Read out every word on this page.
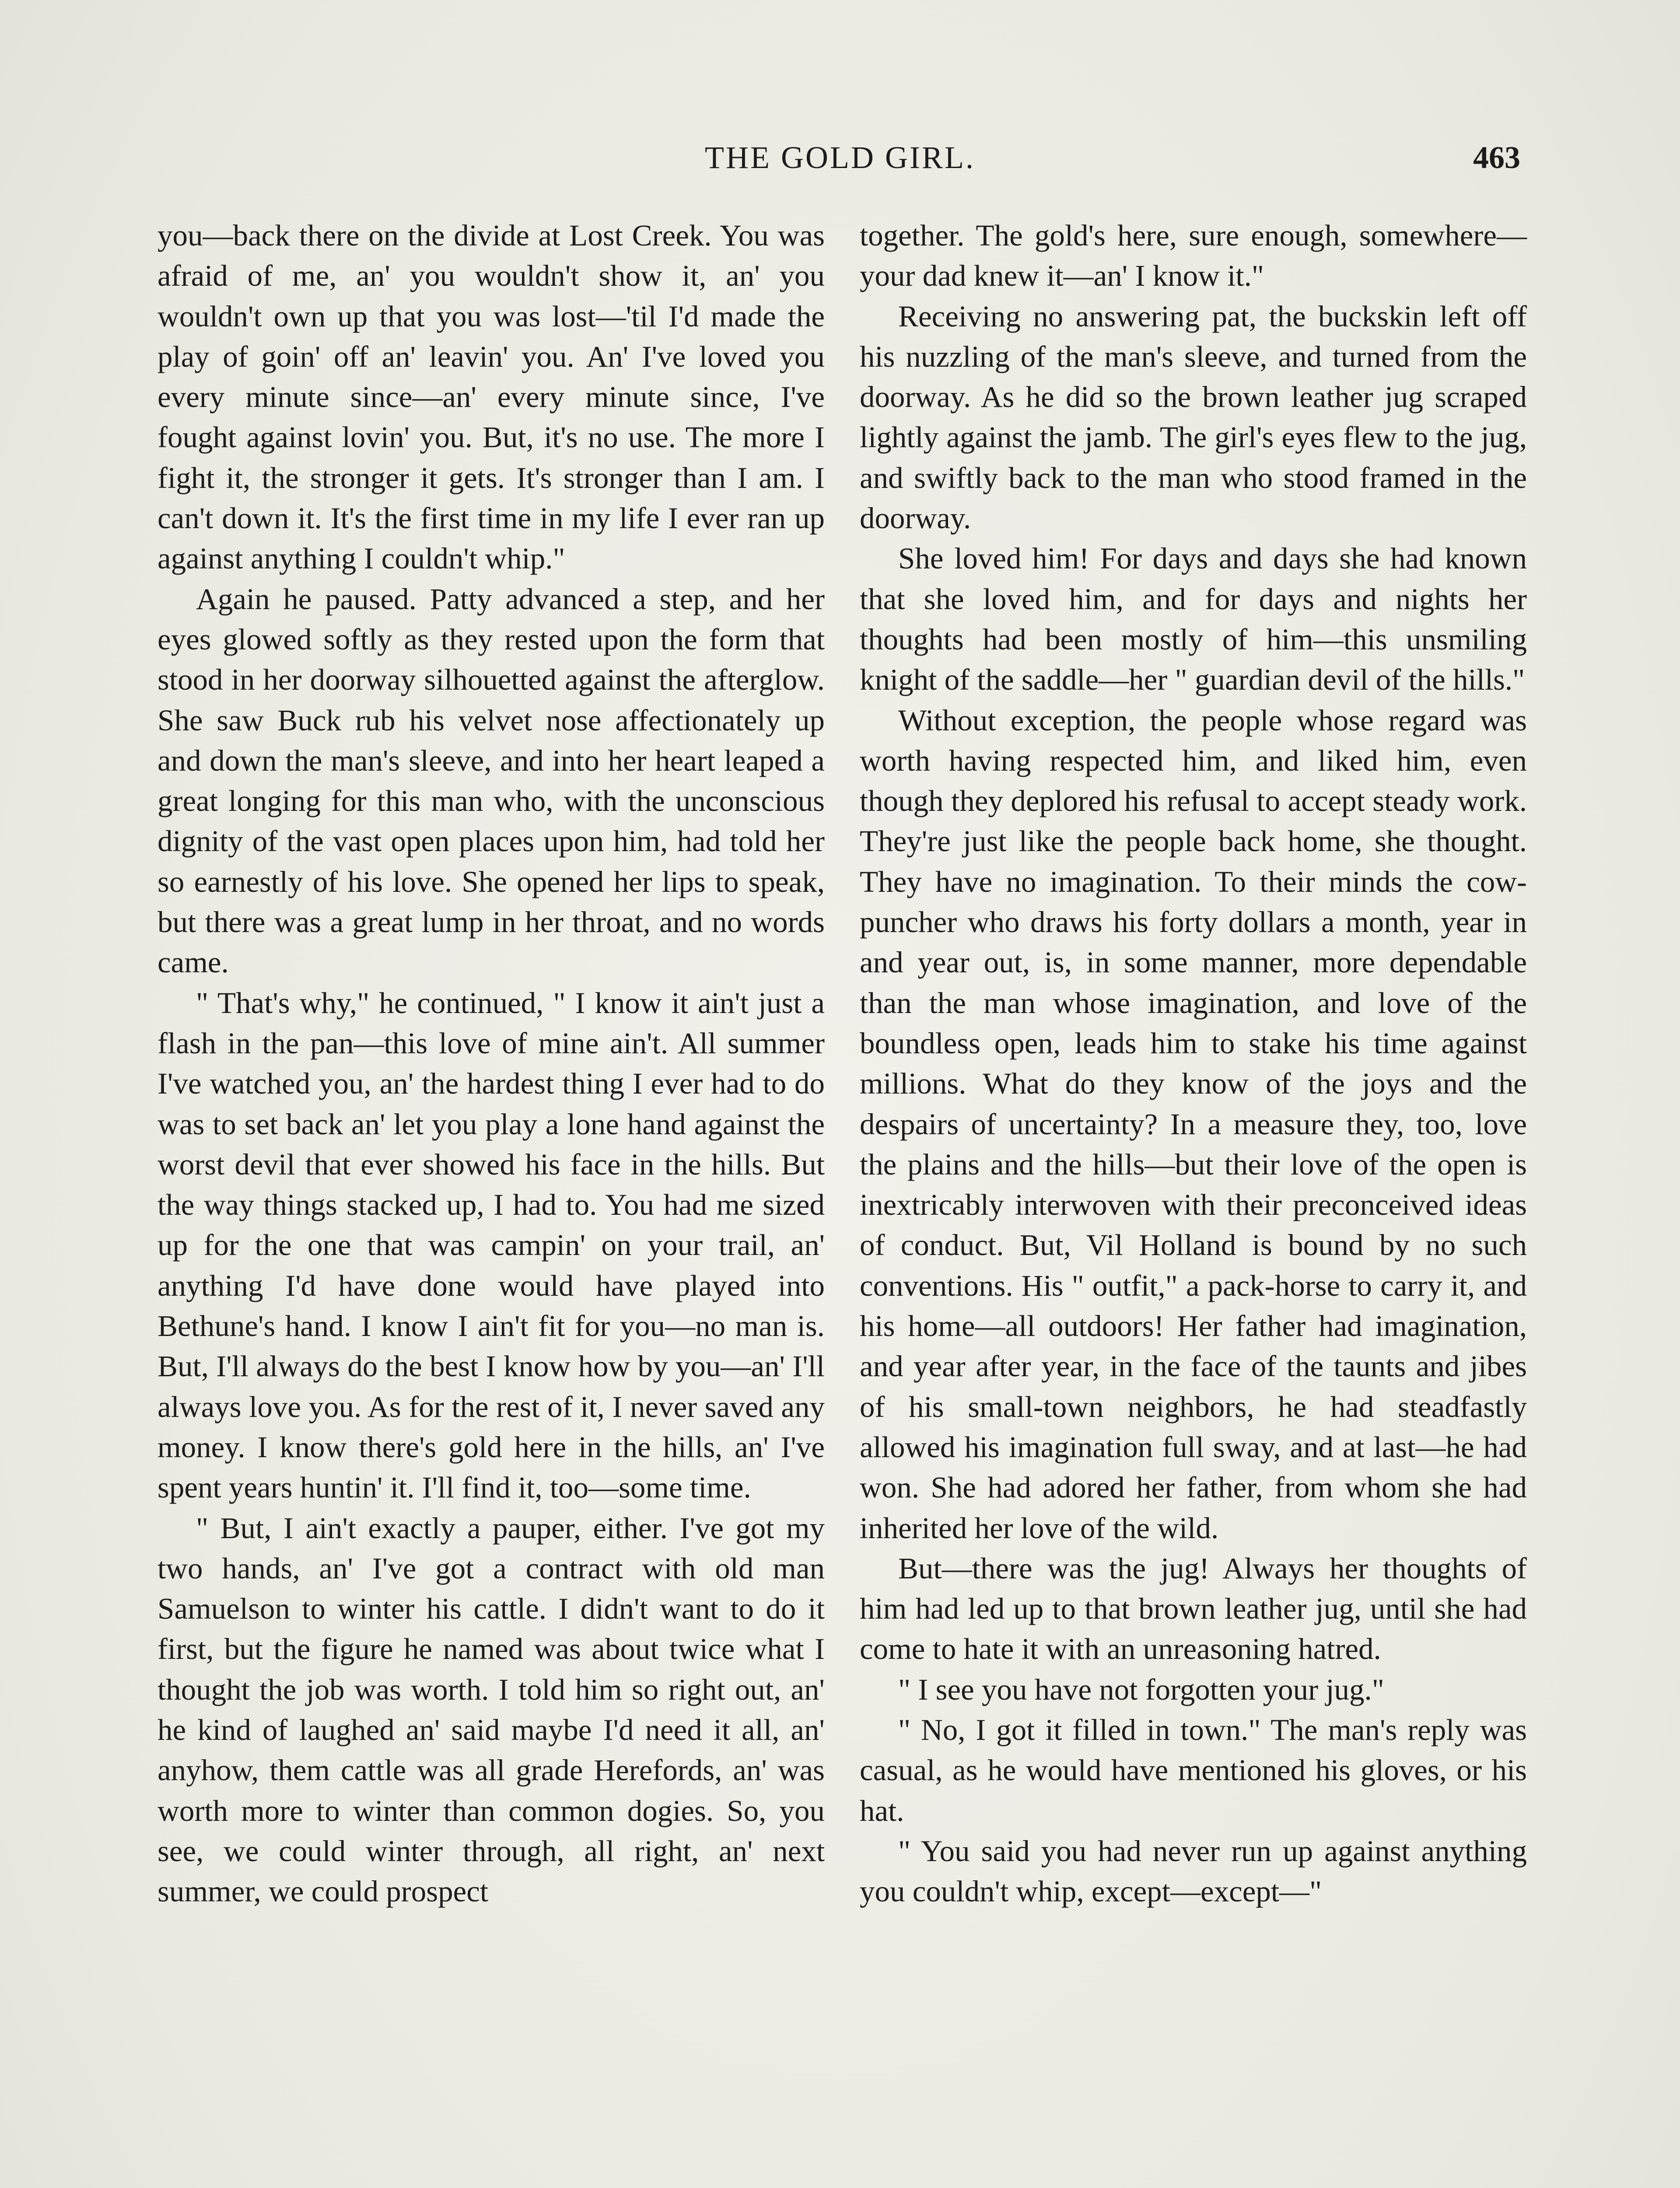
THE GOLD GIRL.	463

you—back there on the divide at Lost Creek. You was afraid of me, an' you wouldn't show it, an' you wouldn't own up that you was lost—'til I'd made the play of goin' off an' leavin' you. An' I've loved you every minute since—an' every minute since, I've fought against lovin' you. But, it's no use. The more I fight it, the stronger it gets. It's stronger than I am. I can't down it. It's the first time in my life I ever ran up against anything I couldn't whip."

Again he paused. Patty advanced a step, and her eyes glowed softly as they rested upon the form that stood in her doorway silhouetted against the afterglow. She saw Buck rub his velvet nose affectionately up and down the man's sleeve, and into her heart leaped a great longing for this man who, with the unconscious dignity of the vast open places upon him, had told her so earnestly of his love. She opened her lips to speak, but there was a great lump in her throat, and no words came.

" That's why," he continued, " I know it ain't just a flash in the pan—this love of mine ain't. All summer I've watched you, an' the hardest thing I ever had to do was to set back an' let you play a lone hand against the worst devil that ever showed his face in the hills. But the way things stacked up, I had to. You had me sized up for the one that was campin' on your trail, an' anything I'd have done would have played into Bethune's hand. I know I ain't fit for you—no man is. But, I'll always do the best I know how by you—an' I'll always love you. As for the rest of it, I never saved any money. I know there's gold here in the hills, an' I've spent years huntin' it. I'll find it, too—some time.

" But, I ain't exactly a pauper, either. I've got my two hands, an' I've got a contract with old man Samuelson to winter his cattle. I didn't want to do it first, but the figure he named was about twice what I thought the job was worth. I told him so right out, an' he kind of laughed an' said maybe I'd need it all, an' anyhow, them cattle was all grade Herefords, an' was worth more to winter than common dogies. So, you see, we could winter through, all right, an' next summer, we could prospect

together. The gold's here, sure enough, somewhere—your dad knew it—an' I know it."

Receiving no answering pat, the buckskin left off his nuzzling of the man's sleeve, and turned from the doorway. As he did so the brown leather jug scraped lightly against the jamb. The girl's eyes flew to the jug, and swiftly back to the man who stood framed in the doorway.

She loved him! For days and days she had known that she loved him, and for days and nights her thoughts had been mostly of him—this unsmiling knight of the saddle—her " guardian devil of the hills."

Without exception, the people whose regard was worth having respected him, and liked him, even though they deplored his refusal to accept steady work. They're just like the people back home, she thought. They have no imagination. To their minds the cow-puncher who draws his forty dollars a month, year in and year out, is, in some manner, more dependable than the man whose imagination, and love of the boundless open, leads him to stake his time against millions. What do they know of the joys and the despairs of uncertainty? In a measure they, too, love the plains and the hills—but their love of the open is inextricably interwoven with their preconceived ideas of conduct. But, Vil Holland is bound by no such conventions. His " outfit," a pack-horse to carry it, and his home—all outdoors! Her father had imagination, and year after year, in the face of the taunts and jibes of his small-town neighbors, he had steadfastly allowed his imagination full sway, and at last—he had won. She had adored her father, from whom she had inherited her love of the wild.

But—there was the jug! Always her thoughts of him had led up to that brown leather jug, until she had come to hate it with an unreasoning hatred.

" I see you have not forgotten your jug."

" No, I got it filled in town." The man's reply was casual, as he would have mentioned his gloves, or his hat.

" You said you had never run up against anything you couldn't whip, except—except—"
